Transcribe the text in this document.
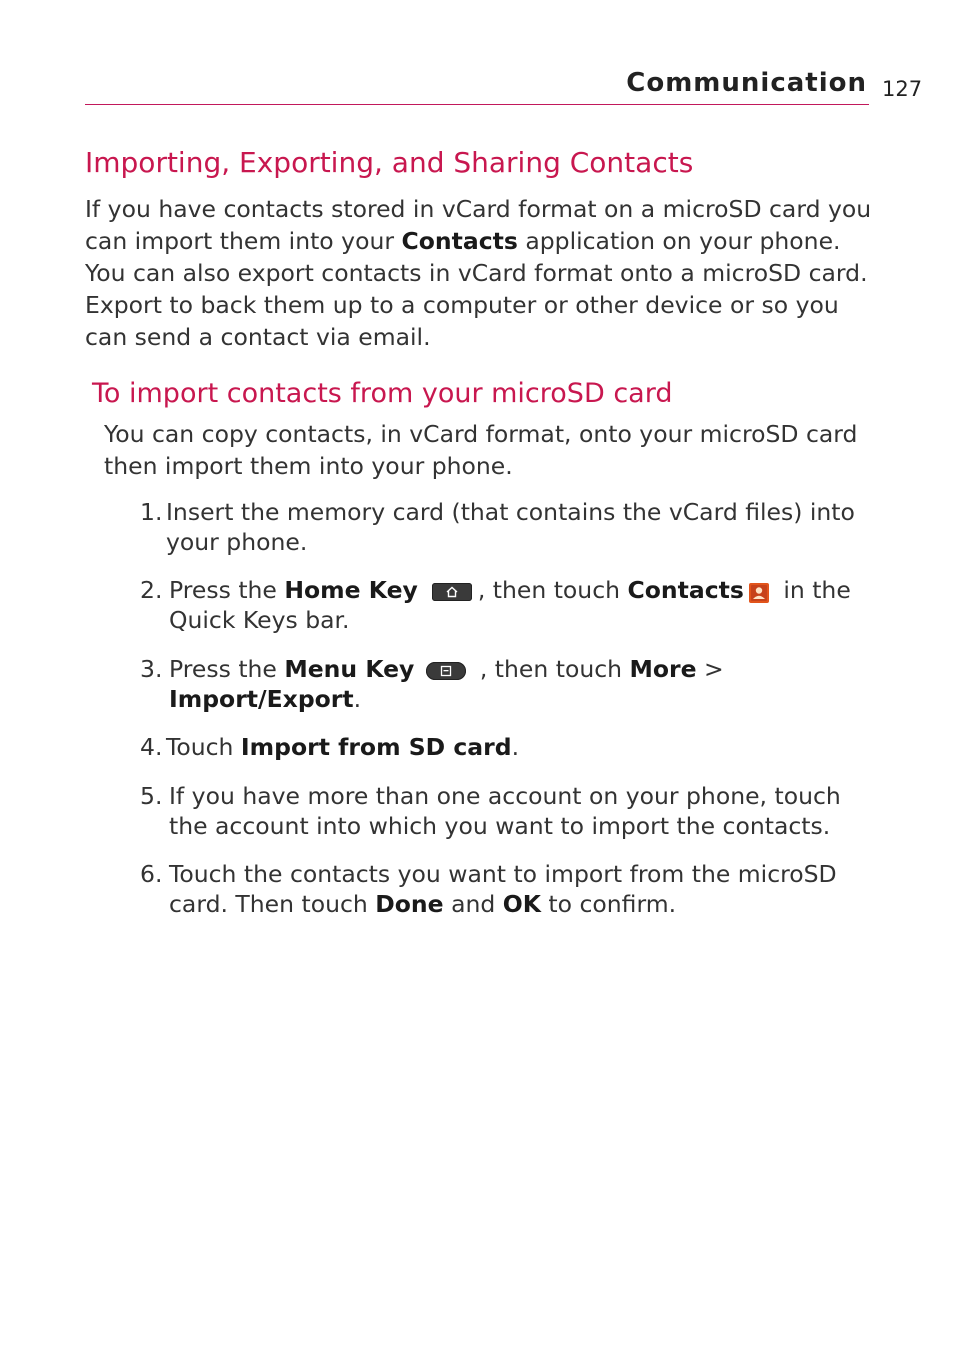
Communication 127
Importing, Exporting, and Sharing Contacts

If you have contacts stored in vCard format on a microSD card you can import them into your Contacts application on your phone. You can also export contacts in vCard format onto a microSD card. Export to back them up to a computer or other device or so you can send a contact via email.

To import contacts from your microSD card

You can copy contacts, in vCard format, onto your microSD card then import them into your phone.

1. Insert the memory card (that contains the vCard files) into your phone.
2. Press the Home Key	, then touch Contacts in the Quick Keys bar.
3. Press the Menu Key
, then touch More > Import/Export.
4. Touch Import from SD card.
5. If you have more than one account on your phone, touch the account into which you want to import the contacts.
6. Touch the contacts you want to import from the microSD card. Then touch Done and OK to confirm.
